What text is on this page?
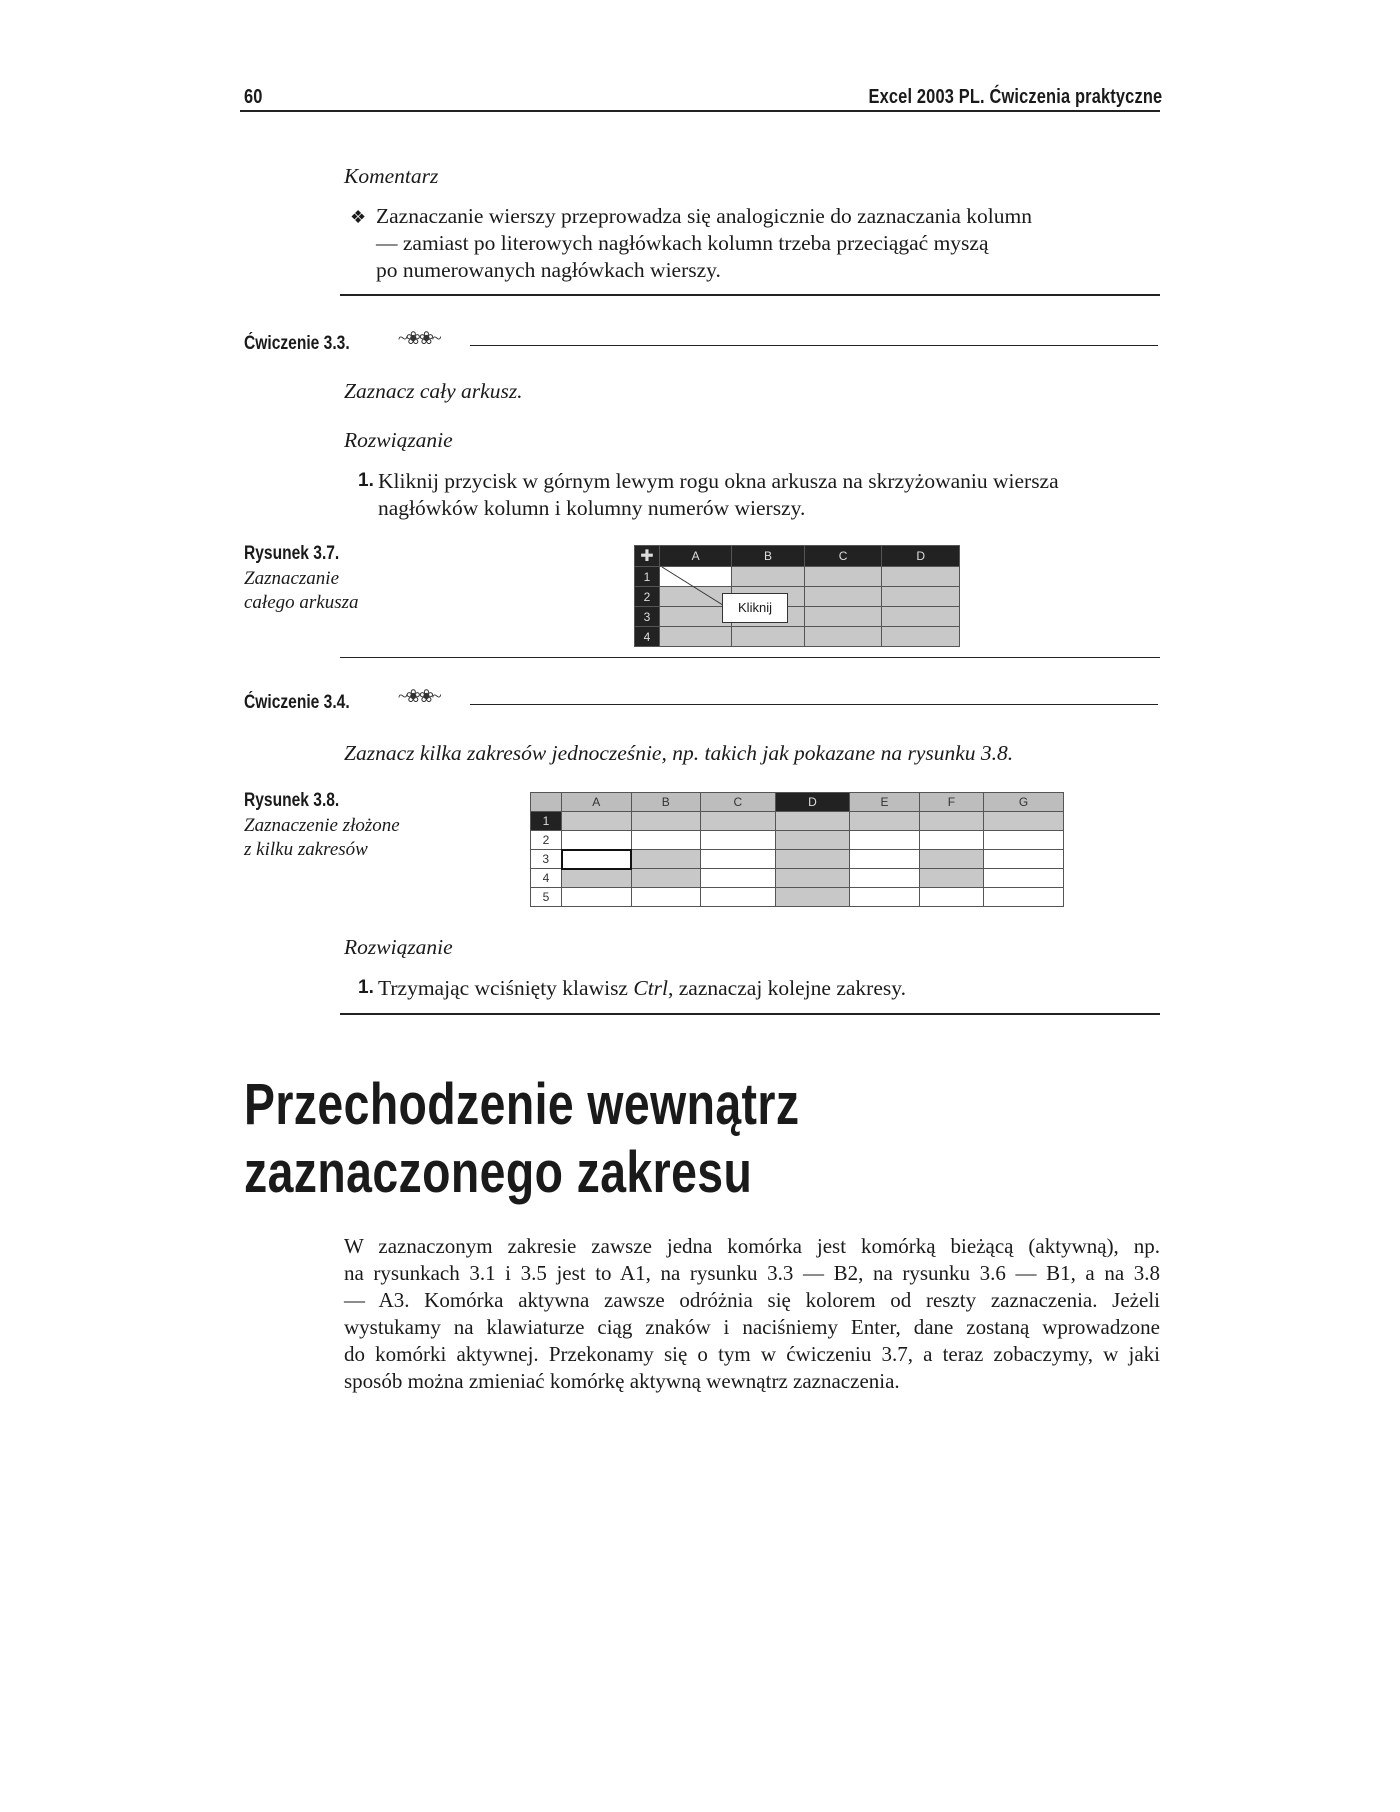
60	Excel 2003 PL. Ćwiczenia praktyczne
Komentarz
❖ Zaznaczanie wierszy przeprowadza się analogicznie do zaznaczania kolumn
— zamiast po literowych nagłówkach kolumn trzeba przeciągać myszą
po numerowanych nagłówkach wierszy.
Ćwiczenie 3.3.	~❀❀~
Zaznacz cały arkusz.
Rozwiązanie
1. Kliknij przycisk w górnym lewym rogu okna arkusza na skrzyżowaniu wiersza
nagłówków kolumn i kolumny numerów wierszy.
Rysunek 3.7.
Zaznaczanie
całego arkusza
✚	A	B	C	D
1				
2				
3				
4				
Kliknij
Ćwiczenie 3.4.	~❀❀~
Zaznacz kilka zakresów jednocześnie, np. takich jak pokazane na rysunku 3.8.
Rysunek 3.8.
Zaznaczenie złożone
z kilku zakresów
	A	B	C	D	E	F	G
1							
2							
3							
4							
5							
Rozwiązanie
1. Trzymając wciśnięty klawisz Ctrl, zaznaczaj kolejne zakresy.
Przechodzenie wewnątrz
zaznaczonego zakresu
W zaznaczonym zakresie zawsze jedna komórka jest komórką bieżącą (aktywną), np.
na rysunkach 3.1 i 3.5 jest to A1, na rysunku 3.3 — B2, na rysunku 3.6 — B1, a na 3.8
— A3. Komórka aktywna zawsze odróżnia się kolorem od reszty zaznaczenia. Jeżeli
wystukamy na klawiaturze ciąg znaków i naciśniemy Enter, dane zostaną wprowadzone
do komórki aktywnej. Przekonamy się o tym w ćwiczeniu 3.7, a teraz zobaczymy, w jaki
sposób można zmieniać komórkę aktywną wewnątrz zaznaczenia.
